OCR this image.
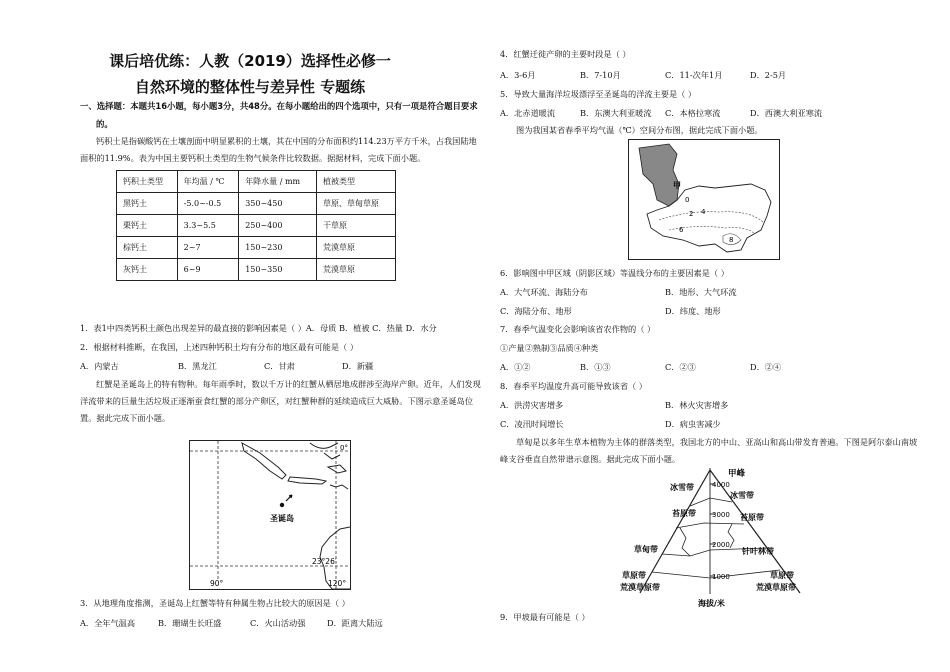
课后培优练：人教（2019）选择性必修一
自然环境的整体性与差异性 专题练
一、选择题：本题共16小题，每小题3分，共48分。在每小题给出的四个选项中，只有一项是符合题目要求
的。
钙积土是指碳酸钙在土壤剖面中明显累积的土壤，其在中国的分布面积约114.23万平方千米，占我国陆地
面积的11.9%。表为中国主要钙积土类型的生物气候条件比较数据。据据材料，完成下面小题。
钙积土类型	年均温 / ℃	年降水量 / mm	植被类型
黑钙土	-5.0~-0.5	350~450	草原、草甸草原
栗钙土	3.3~5.5	250~400	干草原
棕钙土	2~7	150~230	荒漠草原
灰钙土	6~9	150~350	荒漠草原
1．表1中四类钙积土颜色出现差异的最直接的影响因素是（ ）A．母质 B．植被 C．热量 D．水分
2．根据材料推断，在我国，上述四种钙积土均有分布的地区最有可能是（ ）
A．内蒙古	B．黑龙江	C．甘肃	D．新疆
红蟹是圣诞岛上的特有物种。每年雨季时，数以千万计的红蟹从栖居地成群涉至海岸产卵。近年，人们发现
洋流带来的巨量生活垃圾正逐渐蚕食红蟹的部分产卵区，对红蟹种群的延续造成巨大威胁。下图示意圣诞岛位
置。据此完成下面小题。
0°
23°26′
90°	120°
圣诞岛
3．从地理角度推测，圣诞岛上红蟹等特有种属生物占比较大的原因是（ ）
A．全年气温高	B．珊瑚生长旺盛	C．火山活动强	D．距离大陆远
4．红蟹迁徙产卵的主要时段是（ ）
A．3-6月	B．7-10月	C．11-次年1月	D．2-5月
5．导致大量海洋垃圾漂浮至圣诞岛的洋流主要是（ ）
A．北赤道暖流	B．东澳大利亚暖流 C．本格拉寒流	D．西澳大利亚寒流
图为我国某省春季平均气温（℃）空间分布图，据此完成下面小题。
甲
0
2 4
6
8
6．影响图中甲区域（阴影区域）等温线分布的主要因素是（ ）
A．大气环流、海陆分布	B．地形、大气环流
C．海陆分布、地形	D．纬度、地形
7．春季气温变化会影响该省农作物的（ ）
①产量②熟制③品质④种类
A．①②	B．①③	C．②③	D．②④
8．春季平均温度升高可能导致该省（ ）
A．洪涝灾害增多	B．林火灾害增多
C．凌汛时间增长	D．病虫害减少
草甸是以多年生草本植物为主体的群落类型，我国北方的中山、亚高山和高山带发育普遍。下图是阿尔泰山南坡
峰支谷垂直自然带谱示意图。据此完成下面小题。
4000
3000
2000
1000
甲峰
冰雪带
冰雪带
苔原带	苔原带
草甸带	针叶林带
草原带	草原带
荒漠草原带	荒漠草原带
海拔/米
9．甲坡最有可能是（ ）
